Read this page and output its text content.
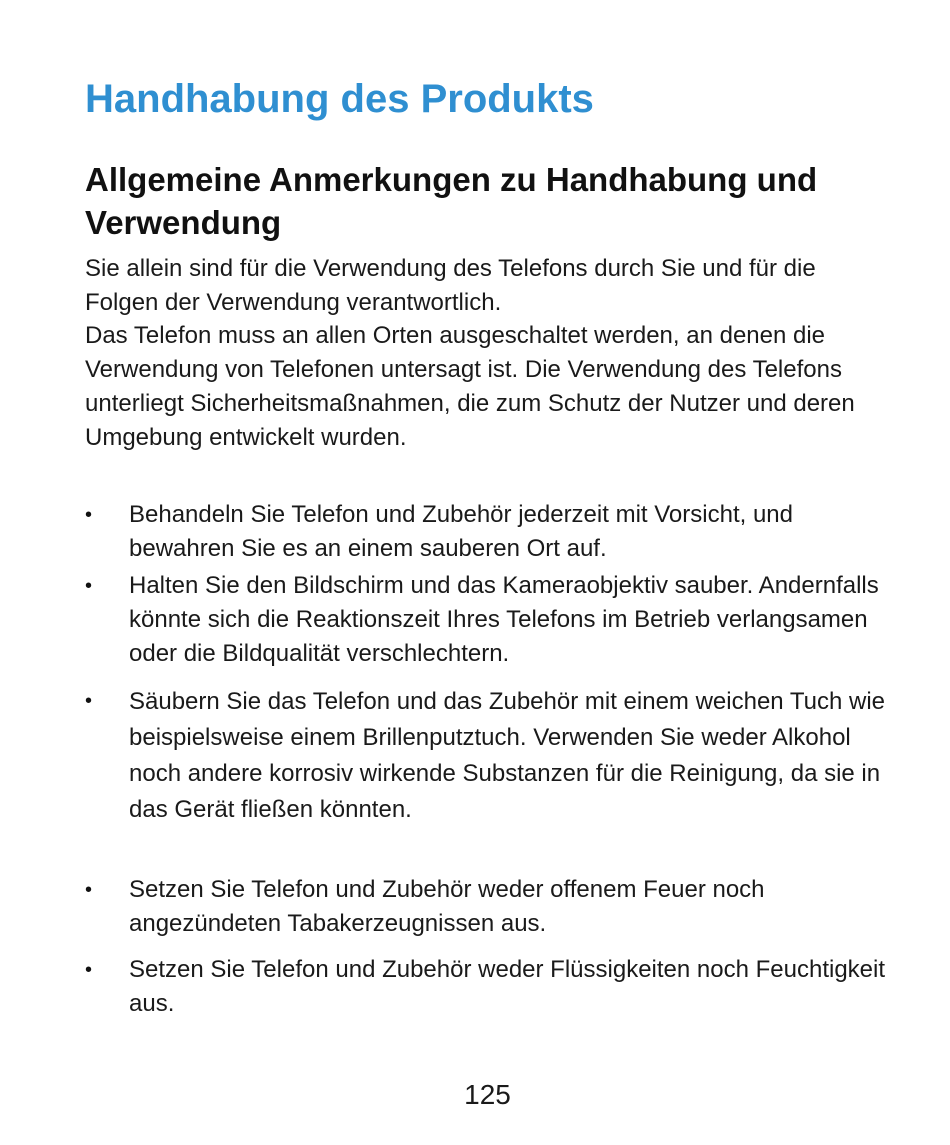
Handhabung des Produkts
Allgemeine Anmerkungen zu Handhabung und Verwendung

Sie allein sind für die Verwendung des Telefons durch Sie und für die Folgen der Verwendung verantwortlich.

Das Telefon muss an allen Orten ausgeschaltet werden, an denen die Verwendung von Telefonen untersagt ist. Die Verwendung des Telefons unterliegt Sicherheitsmaßnahmen, die zum Schutz der Nutzer und deren Umgebung entwickelt wurden.

•	Behandeln Sie Telefon und Zubehör jederzeit mit Vorsicht, und bewahren Sie es an einem sauberen Ort auf.
•	Halten Sie den Bildschirm und das Kameraobjektiv sauber. Andernfalls könnte sich die Reaktionszeit Ihres Telefons im Betrieb verlangsamen oder die Bildqualität verschlechtern.
•	Säubern Sie das Telefon und das Zubehör mit einem weichen Tuch wie beispielsweise einem Brillenputztuch. Verwenden Sie weder Alkohol noch andere korrosiv wirkende Substanzen für die Reinigung, da sie in das Gerät fließen könnten.
•	Setzen Sie Telefon und Zubehör weder offenem Feuer noch angezündeten Tabakerzeugnissen aus.
•	Setzen Sie Telefon und Zubehör weder Flüssigkeiten noch Feuchtigkeit aus.
125
